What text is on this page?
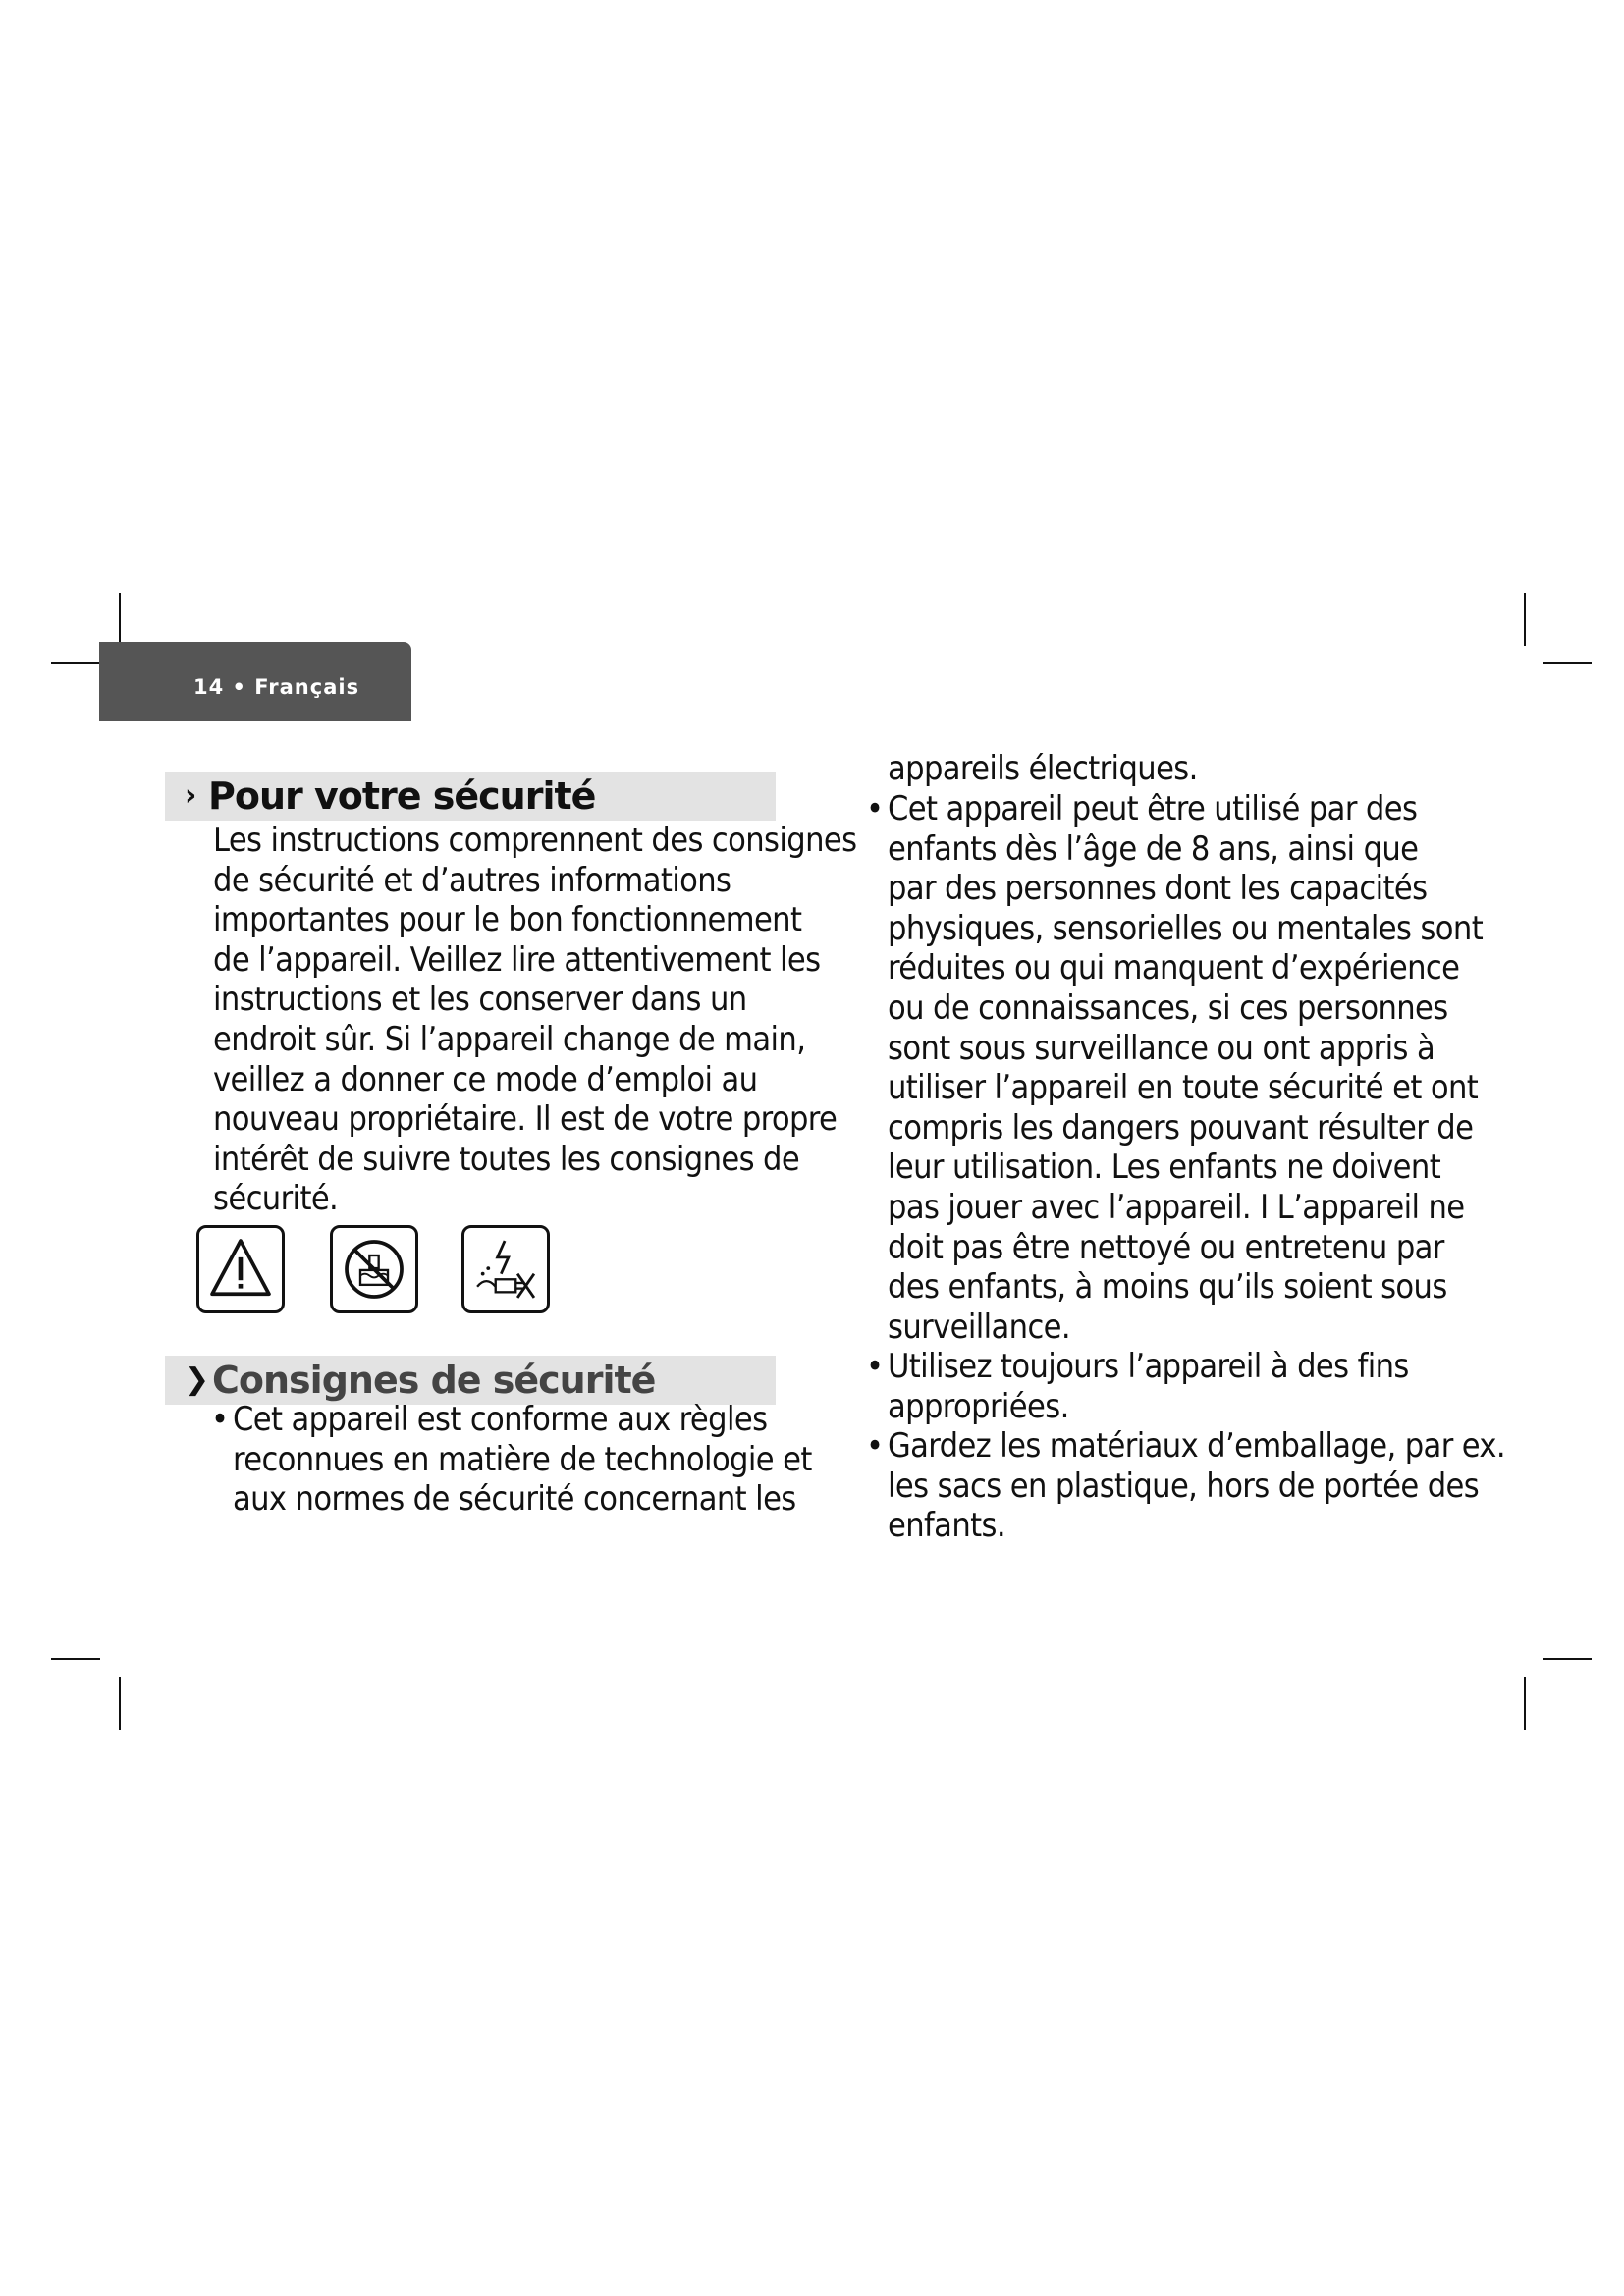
14 • Français
› Pour votre sécurité
Les instructions comprennent des consignes
de sécurité et d’autres informations
importantes pour le bon fonctionnement
de l’appareil. Veillez lire attentivement les
instructions et les conserver dans un
endroit sûr. Si l’appareil change de main,
veillez a donner ce mode d’emploi au
nouveau propriétaire. Il est de votre propre
intérêt de suivre toutes les consignes de
sécurité.
❯ Consignes de sécurité
• Cet appareil est conforme aux règles
reconnues en matière de technologie et
aux normes de sécurité concernant les
appareils électriques.
• Cet appareil peut être utilisé par des
enfants dès l’âge de 8 ans, ainsi que
par des personnes dont les capacités
physiques, sensorielles ou mentales sont
réduites ou qui manquent d’expérience
ou de connaissances, si ces personnes
sont sous surveillance ou ont appris à
utiliser l’appareil en toute sécurité et ont
compris les dangers pouvant résulter de
leur utilisation. Les enfants ne doivent
pas jouer avec l’appareil. I L’appareil ne
doit pas être nettoyé ou entretenu par
des enfants, à moins qu’ils soient sous
surveillance.
• Utilisez toujours l’appareil à des fins
appropriées.
• Gardez les matériaux d’emballage, par ex.
les sacs en plastique, hors de portée des
enfants.
